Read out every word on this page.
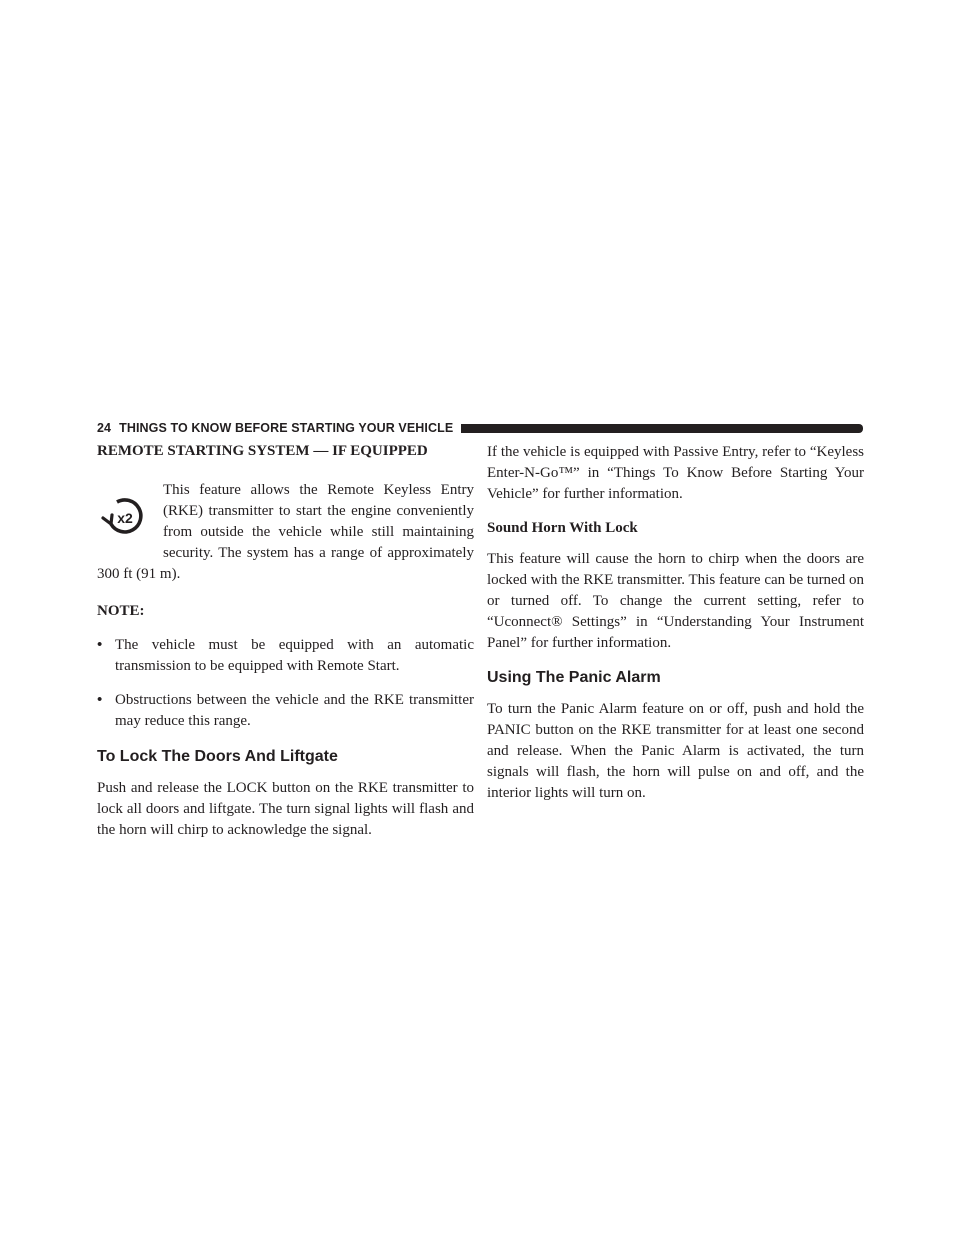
24 THINGS TO KNOW BEFORE STARTING YOUR VEHICLE
REMOTE STARTING SYSTEM — IF EQUIPPED
x2

This feature allows the Remote Keyless Entry (RKE) transmitter to start the engine conveniently from outside the vehicle while still maintaining security. The system has a range of approximately 300 ft (91 m).

NOTE:

• The vehicle must be equipped with an automatic transmission to be equipped with Remote Start.
• Obstructions between the vehicle and the RKE transmitter may reduce this range.
To Lock The Doors And Liftgate

Push and release the LOCK button on the RKE transmitter to lock all doors and liftgate. The turn signal lights will flash and the horn will chirp to acknowledge the signal.

If the vehicle is equipped with Passive Entry, refer to “Keyless Enter-N-Go™” in “Things To Know Before Starting Your Vehicle” for further information.

Sound Horn With Lock

This feature will cause the horn to chirp when the doors are locked with the RKE transmitter. This feature can be turned on or turned off. To change the current setting, refer to “Uconnect® Settings” in “Understanding Your Instrument Panel” for further information.

Using The Panic Alarm

To turn the Panic Alarm feature on or off, push and hold the PANIC button on the RKE transmitter for at least one second and release. When the Panic Alarm is activated, the turn signals will flash, the horn will pulse on and off, and the interior lights will turn on.
